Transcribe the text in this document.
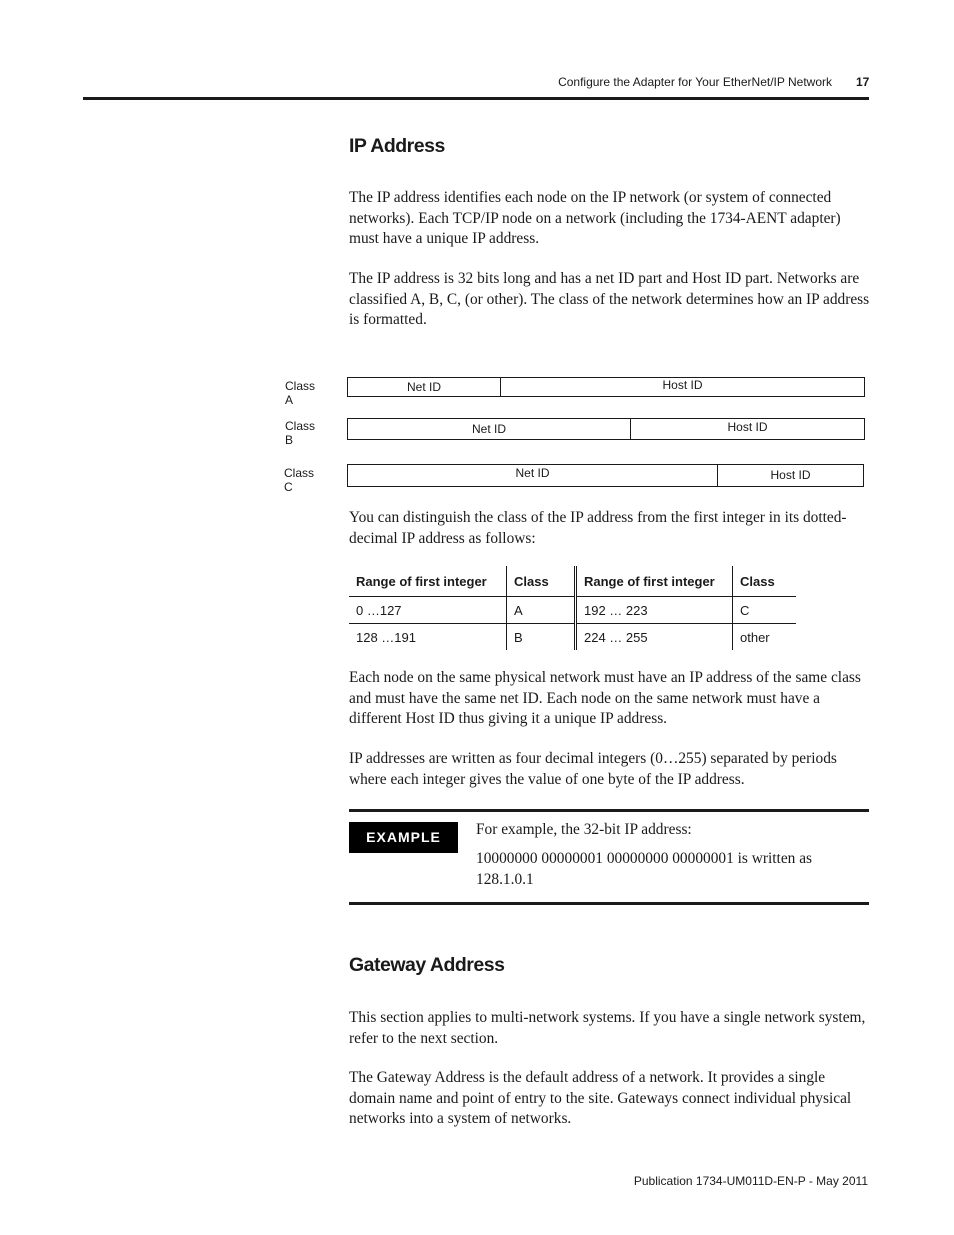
Configure the Adapter for Your EtherNet/IP Network 17
IP Address

The IP address identifies each node on the IP network (or system of connected networks). Each TCP/IP node on a network (including the 1734-AENT adapter) must have a unique IP address.

The IP address is 32 bits long and has a net ID part and Host ID part. Networks are classified A, B, C, (or other). The class of the network determines how an IP address is formatted.

Class A
Net ID	Host ID
Class B
Net ID	Host ID
Class C
Net ID	Host ID

You can distinguish the class of the IP address from the first integer in its dotted-decimal IP address as follows:

Range of first integer	Class	Range of first integer	Class
0 …127	A	192 … 223	C
128 …191	B	224 … 255	other

Each node on the same physical network must have an IP address of the same class and must have the same net ID. Each node on the same network must have a different Host ID thus giving it a unique IP address.

IP addresses are written as four decimal integers (0…255) separated by periods where each integer gives the value of one byte of the IP address.

EXAMPLE	For example, the 32-bit IP address:

10000000 00000001 00000000 00000001 is written as 128.1.0.1

Gateway Address

This section applies to multi-network systems. If you have a single network system, refer to the next section.

The Gateway Address is the default address of a network. It provides a single domain name and point of entry to the site. Gateways connect individual physical networks into a system of networks.

Publication 1734-UM011D-EN-P - May 2011
